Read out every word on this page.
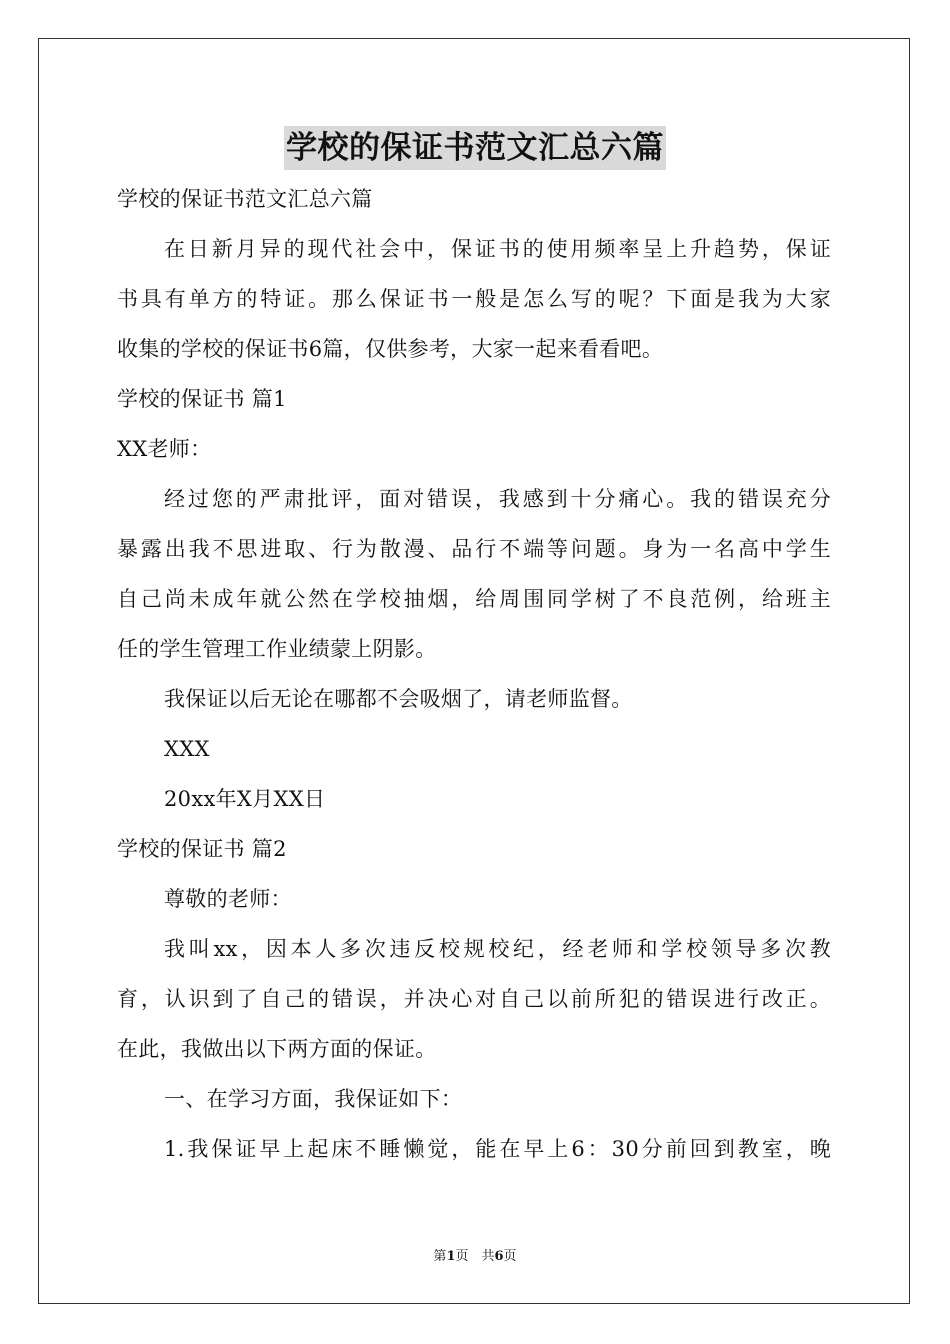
学校的保证书范文汇总六篇
学校的保证书范文汇总六篇
在日新月异的现代社会中，保证书的使用频率呈上升趋势，保证
书具有单方的特证。那么保证书一般是怎么写的呢？下面是我为大家
收集的学校的保证书6篇，仅供参考，大家一起来看看吧。
学校的保证书 篇1
XX老师：
经过您的严肃批评，面对错误，我感到十分痛心。我的错误充分
暴露出我不思进取、行为散漫、品行不端等问题。身为一名高中学生
自己尚未成年就公然在学校抽烟，给周围同学树了不良范例，给班主
任的学生管理工作业绩蒙上阴影。
我保证以后无论在哪都不会吸烟了，请老师监督。
XXX
20xx年X月XX日
学校的保证书 篇2
尊敬的老师：
我叫xx，因本人多次违反校规校纪，经老师和学校领导多次教
育，认识到了自己的错误，并决心对自己以前所犯的错误进行改正。
在此，我做出以下两方面的保证。
一、在学习方面，我保证如下：
1.我保证早上起床不睡懒觉，能在早上6：30分前回到教室，晚
第1页　共6页
